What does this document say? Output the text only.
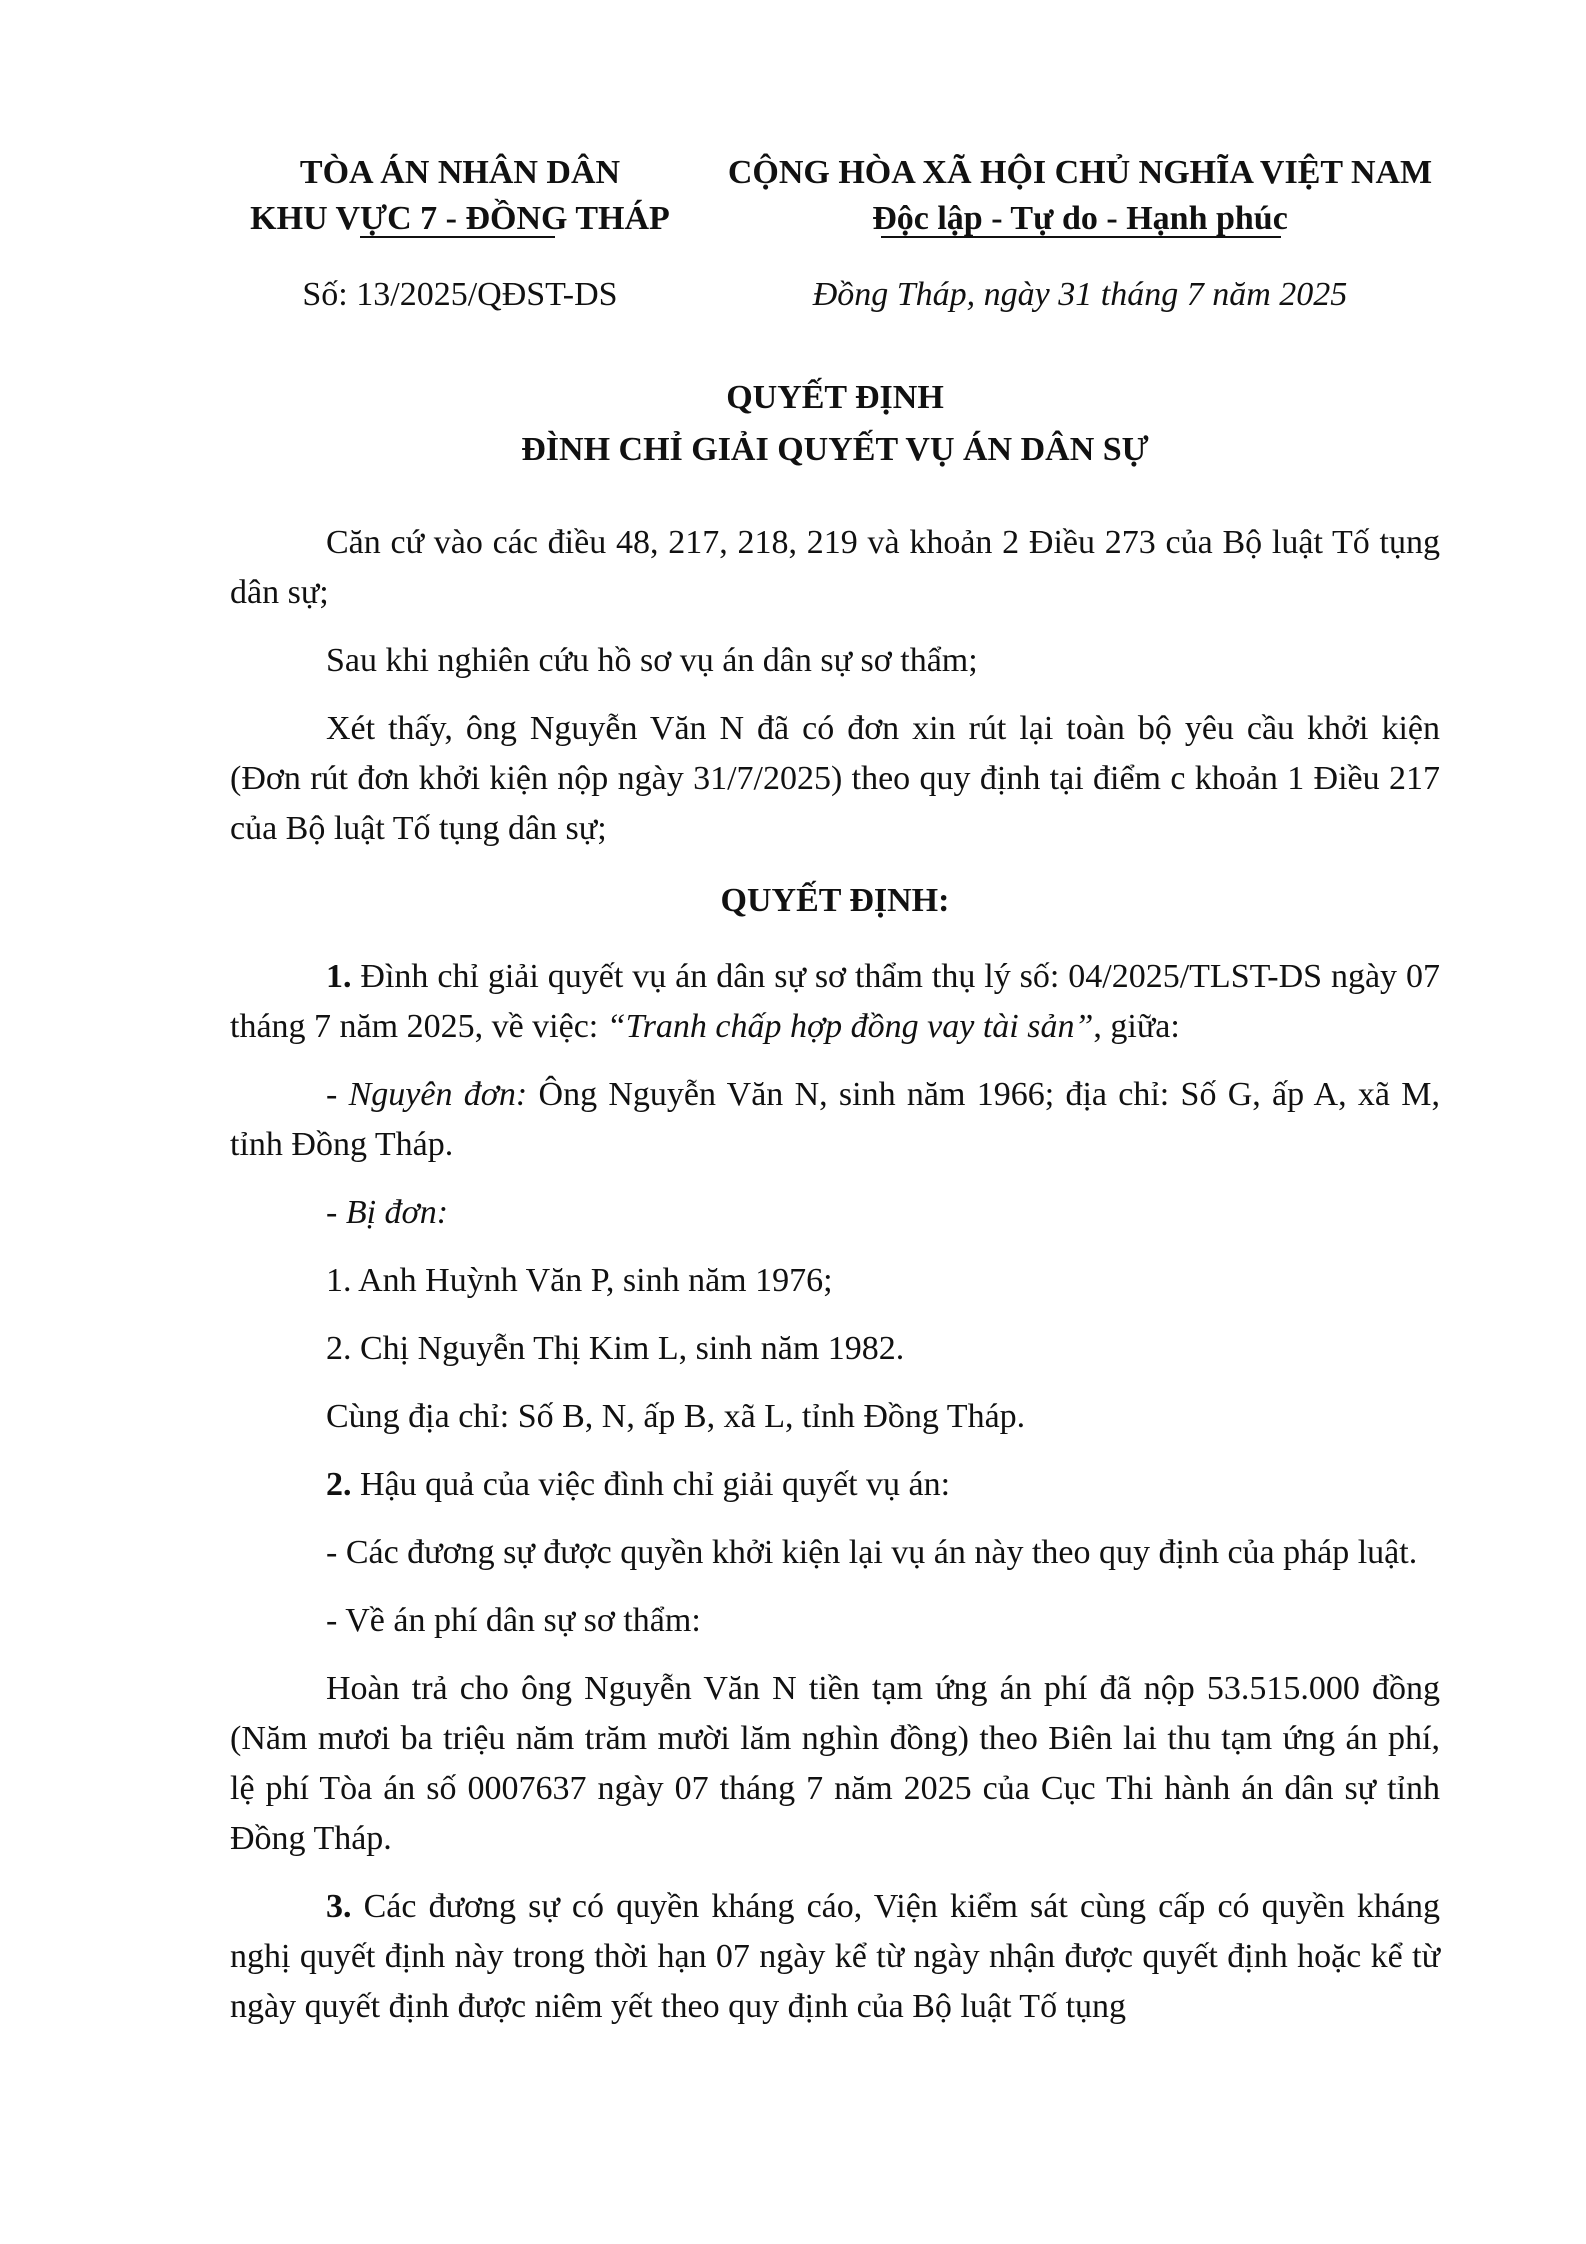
TÒA ÁN NHÂN DÂN
KHU VỰC 7 - ĐỒNG THÁP
CỘNG HÒA XÃ HỘI CHỦ NGHĨA VIỆT NAM
Độc lập - Tự do - Hạnh phúc
Số: 13/2025/QĐST-DS	Đồng Tháp, ngày 31 tháng 7 năm 2025
QUYẾT ĐỊNH
ĐÌNH CHỈ GIẢI QUYẾT VỤ ÁN DÂN SỰ

Căn cứ vào các điều 48, 217, 218, 219 và khoản 2 Điều 273 của Bộ luật Tố tụng dân sự;

Sau khi nghiên cứu hồ sơ vụ án dân sự sơ thẩm;

Xét thấy, ông Nguyễn Văn N đã có đơn xin rút lại toàn bộ yêu cầu khởi kiện (Đơn rút đơn khởi kiện nộp ngày 31/7/2025) theo quy định tại điểm c khoản 1 Điều 217 của Bộ luật Tố tụng dân sự;

QUYẾT ĐỊNH:

1. Đình chỉ giải quyết vụ án dân sự sơ thẩm thụ lý số: 04/2025/TLST-DS ngày 07 tháng 7 năm 2025, về việc: “Tranh chấp hợp đồng vay tài sản”, giữa:

- Nguyên đơn: Ông Nguyễn Văn N, sinh năm 1966; địa chỉ: Số G, ấp A, xã M, tỉnh Đồng Tháp.

- Bị đơn:

1. Anh Huỳnh Văn P, sinh năm 1976;

2. Chị Nguyễn Thị Kim L, sinh năm 1982.

Cùng địa chỉ: Số B, N, ấp B, xã L, tỉnh Đồng Tháp.

2. Hậu quả của việc đình chỉ giải quyết vụ án:

- Các đương sự được quyền khởi kiện lại vụ án này theo quy định của pháp luật.

- Về án phí dân sự sơ thẩm:

Hoàn trả cho ông Nguyễn Văn N tiền tạm ứng án phí đã nộp 53.515.000 đồng (Năm mươi ba triệu năm trăm mười lăm nghìn đồng) theo Biên lai thu tạm ứng án phí, lệ phí Tòa án số 0007637 ngày 07 tháng 7 năm 2025 của Cục Thi hành án dân sự tỉnh Đồng Tháp.

3. Các đương sự có quyền kháng cáo, Viện kiểm sát cùng cấp có quyền kháng nghị quyết định này trong thời hạn 07 ngày kể từ ngày nhận được quyết định hoặc kể từ ngày quyết định được niêm yết theo quy định của Bộ luật Tố tụng
